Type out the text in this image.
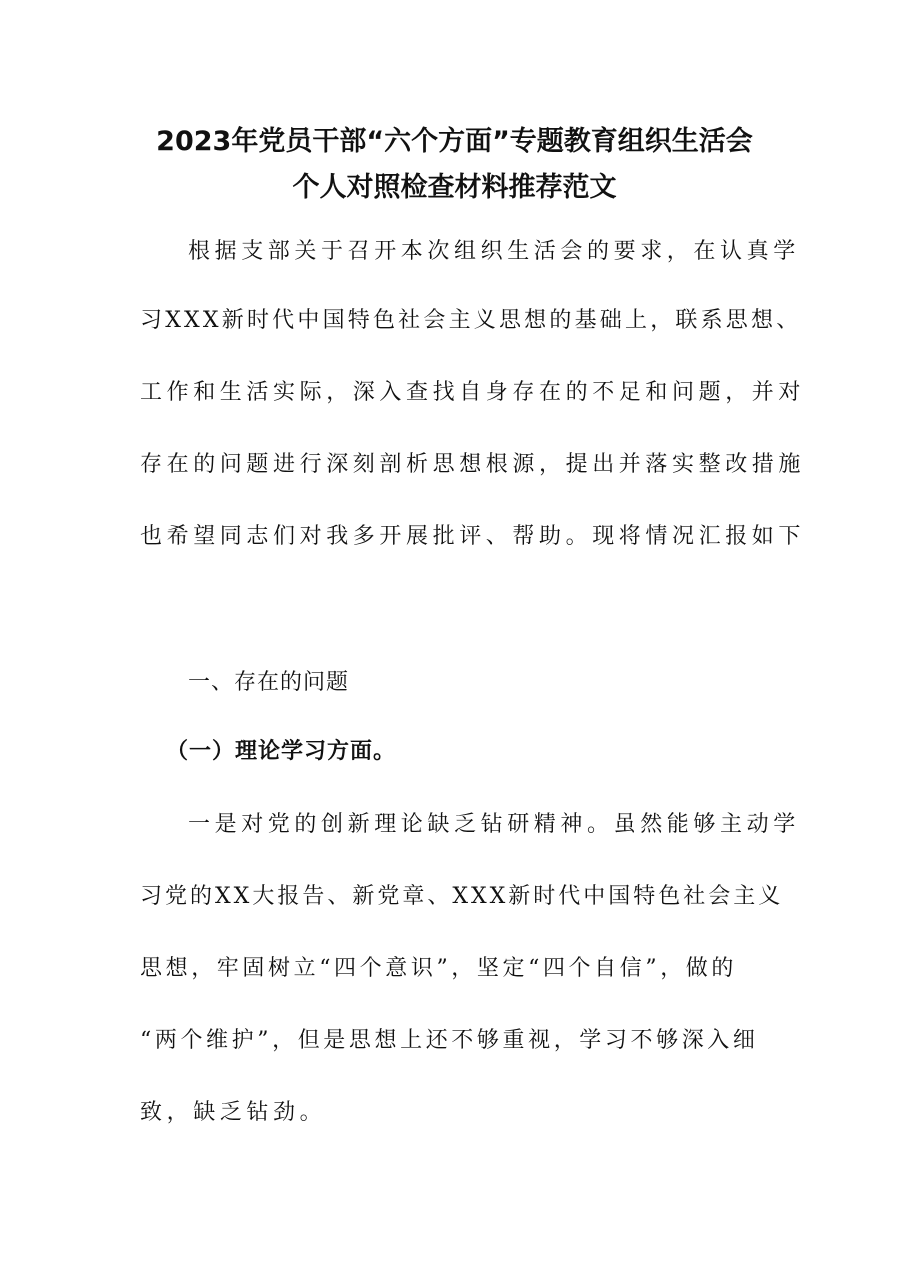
2023年党员干部“六个方面”专题教育组织生活会
个人对照检查材料推荐范文
根据支部关于召开本次组织生活会的要求，在认真学
习XXX新时代中国特色社会主义思想的基础上，联系思想、
工作和生活实际，深入查找自身存在的不足和问题，并对
存在的问题进行深刻剖析思想根源，提出并落实整改措施
也希望同志们对我多开展批评、帮助。现将情况汇报如下
一、存在的问题
（一）理论学习方面。
一是对党的创新理论缺乏钻研精神。虽然能够主动学
习党的XX大报告、新党章、XXX新时代中国特色社会主义
思想，牢固树立“四个意识”，坚定“四个自信”，做的
“两个维护”，但是思想上还不够重视，学习不够深入细
致，缺乏钻劲。
